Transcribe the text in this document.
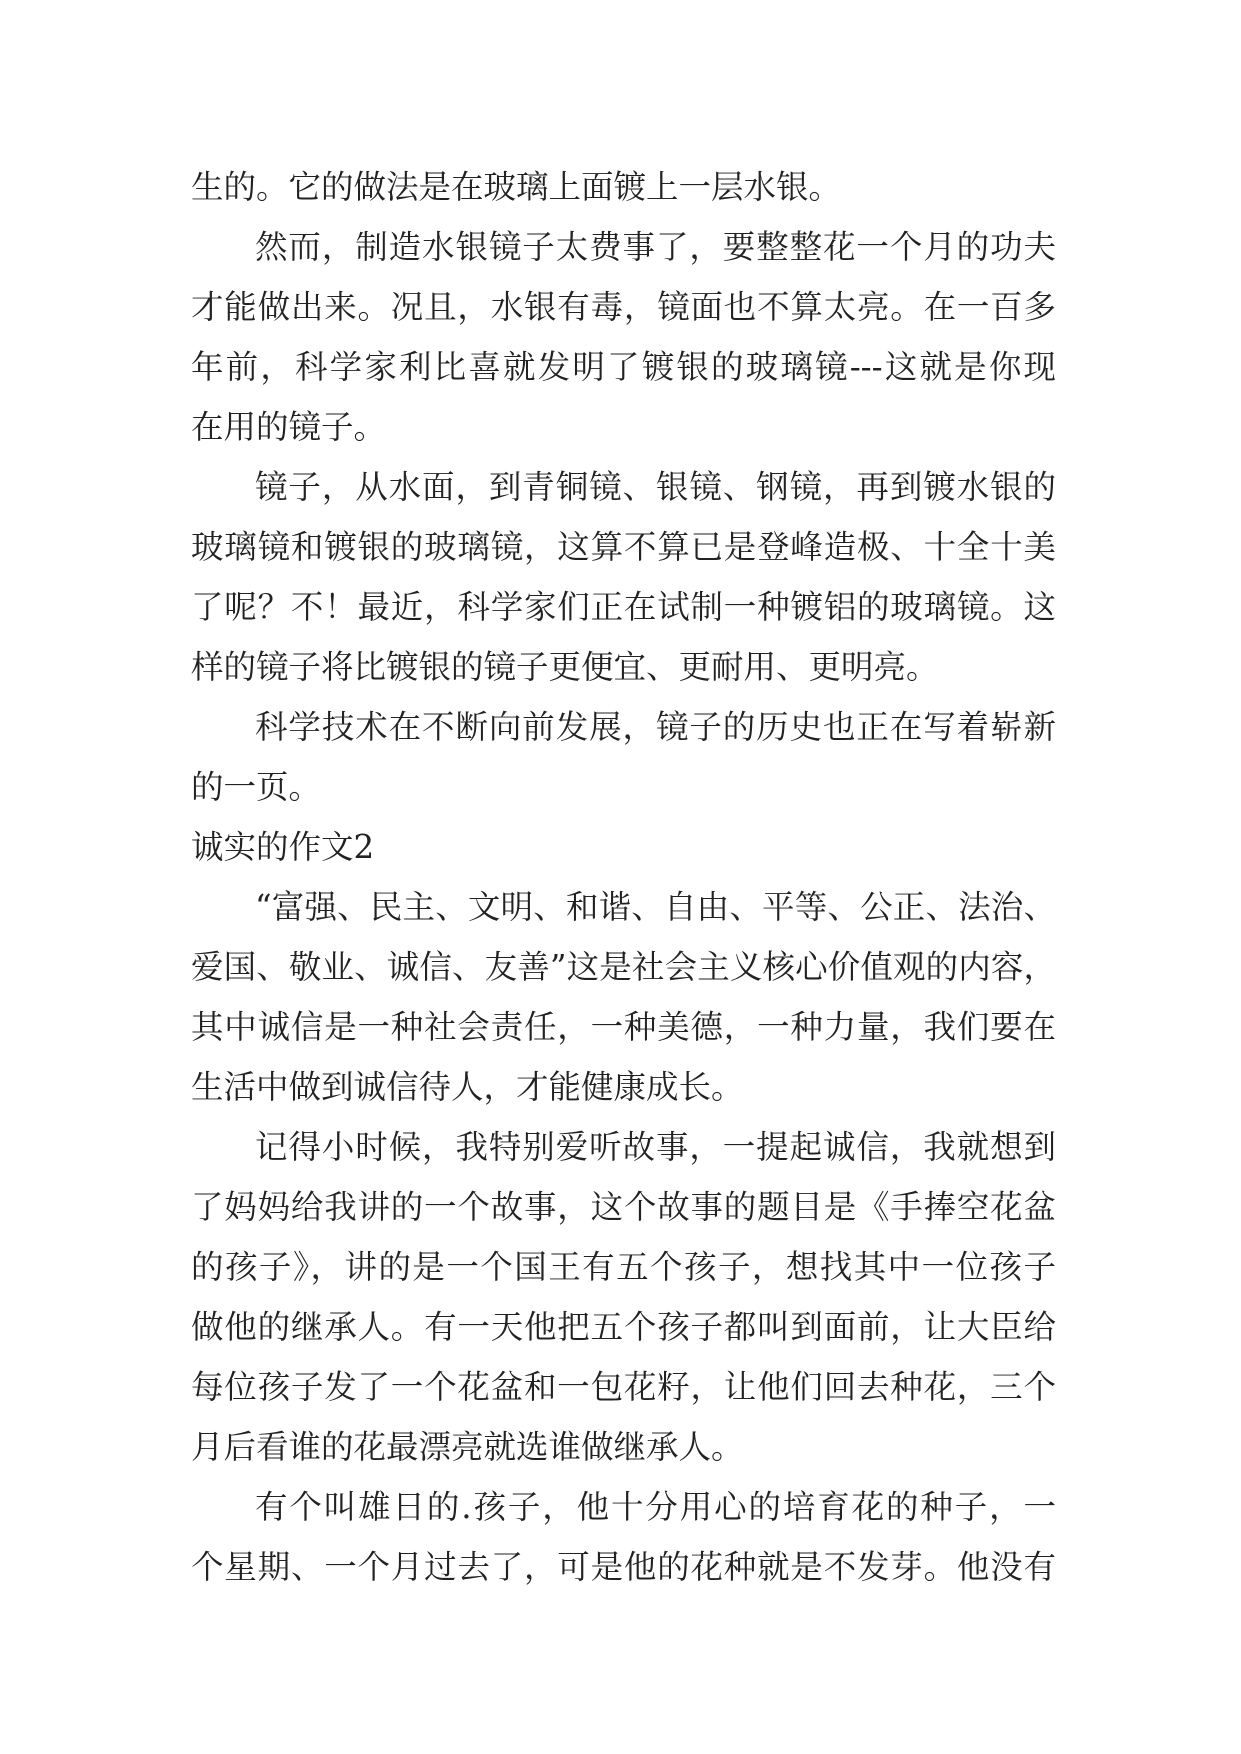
生的。它的做法是在玻璃上面镀上一层水银。
然而，制造水银镜子太费事了，要整整花一个月的功夫
才能做出来。况且，水银有毒，镜面也不算太亮。在一百多
年前，科学家利比喜就发明了镀银的玻璃镜---这就是你现
在用的镜子。
镜子，从水面，到青铜镜、银镜、钢镜，再到镀水银的
玻璃镜和镀银的玻璃镜，这算不算已是登峰造极、十全十美
了呢？不！最近，科学家们正在试制一种镀铝的玻璃镜。这
样的镜子将比镀银的镜子更便宜、更耐用、更明亮。
科学技术在不断向前发展，镜子的历史也正在写着崭新
的一页。
诚实的作文2
“富强、民主、文明、和谐、自由、平等、公正、法治、
爱国、敬业、诚信、友善”这是社会主义核心价值观的内容，
其中诚信是一种社会责任，一种美德，一种力量，我们要在
生活中做到诚信待人，才能健康成长。
记得小时候，我特别爱听故事，一提起诚信，我就想到
了妈妈给我讲的一个故事，这个故事的题目是《手捧空花盆
的孩子》，讲的是一个国王有五个孩子，想找其中一位孩子
做他的继承人。有一天他把五个孩子都叫到面前，让大臣给
每位孩子发了一个花盆和一包花籽，让他们回去种花，三个
月后看谁的花最漂亮就选谁做继承人。
有个叫雄日的.孩子，他十分用心的培育花的种子，一
个星期、一个月过去了，可是他的花种就是不发芽。他没有
